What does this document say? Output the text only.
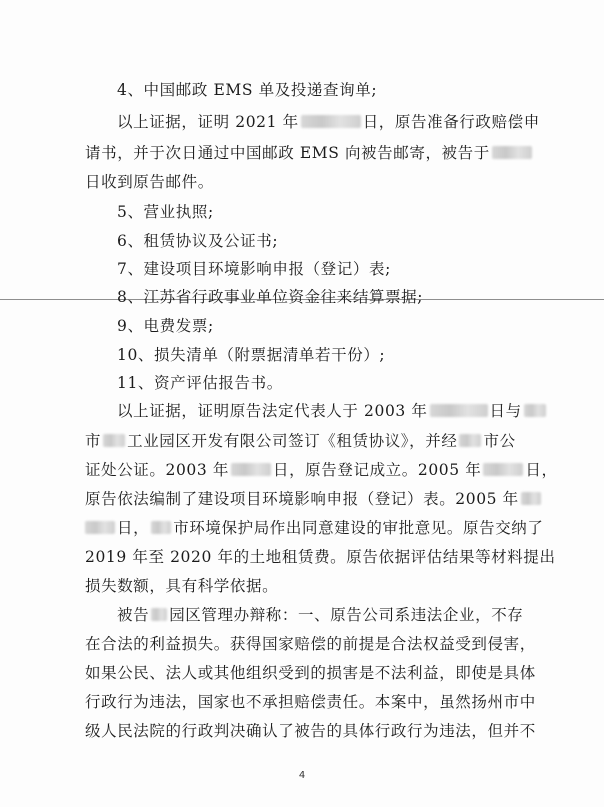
4、中国邮政 EMS 单及投递查询单;
以上证据，证明 2021 年	日，原告准备行政赔偿申
请书，并于次日通过中国邮政 EMS 向被告邮寄，被告于
日收到原告邮件。
5、营业执照;
6、租赁协议及公证书;
7、建设项目环境影响申报（登记）表;
8、江苏省行政事业单位资金往来结算票据;
9、电费发票;
10、损失清单（附票据清单若干份）;
11、资产评估报告书。
以上证据，证明原告法定代表人于 2003 年	日与
市 工业园区开发有限公司签订《租赁协议》，并经 市公
证处公证。2003 年	日，原告登记成立。2005 年	日，
原告依法编制了建设项目环境影响申报（登记）表。2005 年
日， 市环境保护局作出同意建设的审批意见。原告交纳了
2019 年至 2020 年的土地租赁费。原告依据评估结果等材料提出
损失数额，具有科学依据。
被告 园区管理办辩称：一、原告公司系违法企业，不存
在合法的利益损失。获得国家赔偿的前提是合法权益受到侵害，
如果公民、法人或其他组织受到的损害是不法利益，即使是具体
行政行为违法，国家也不承担赔偿责任。本案中，虽然扬州市中
级人民法院的行政判决确认了被告的具体行政行为违法，但并不
4
